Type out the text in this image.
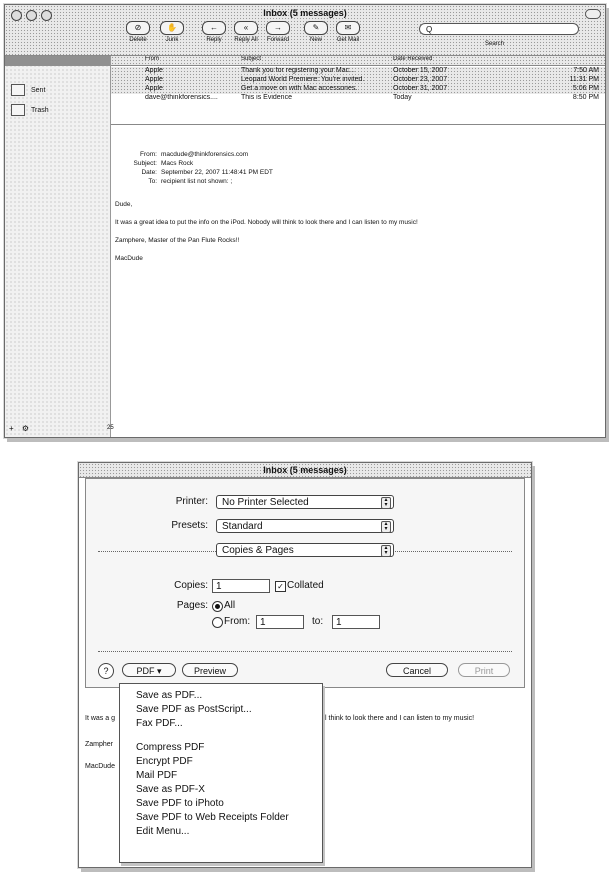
Inbox (5 messages)
⊘
Delete
✋
Junk
←
Reply
«
Reply All
→
Forward
✎
New
✉
Get Mail
Q
Search
Sent
Trash
+ ⚙	25
From	Subject	Date Received
Apple	Thank you for registering your Mac...	October 15, 2007	7:50 AM
Apple	Leopard World Premiere: You're invited.	October 23, 2007	11:31 PM
Apple	Get a move on with Mac accessories.	October 31, 2007	5:06 PM
dave@thinkforensics....	This is Evidence	Today	8:50 PM
From: macdude@thinkforensics.com
Subject: Macs Rock
Date: September 22, 2007 11:48:41 PM EDT
To: recipient list not shown: ;
Dude,
It was a great idea to put the info on the iPod. Nobody will think to look there and I can listen to my music!
Zamphere, Master of the Pan Flute Rocks!!
MacDude
Inbox (5 messages)
Printer:	No Printer Selected	▴
▾
Presets:	Standard	▴
▾
Copies & Pages	▴
▾
Copies: 1	✓ Collated
Pages: All
From: 1	to:	1
?	PDF ▾	Preview	Cancel	Print
It was a g	l think to look there and I can listen to my music!
Zampher
MacDude
Save as PDF...
Save PDF as PostScript...
Fax PDF...
Compress PDF
Encrypt PDF
Mail PDF
Save as PDF-X
Save PDF to iPhoto
Save PDF to Web Receipts Folder
Edit Menu...
